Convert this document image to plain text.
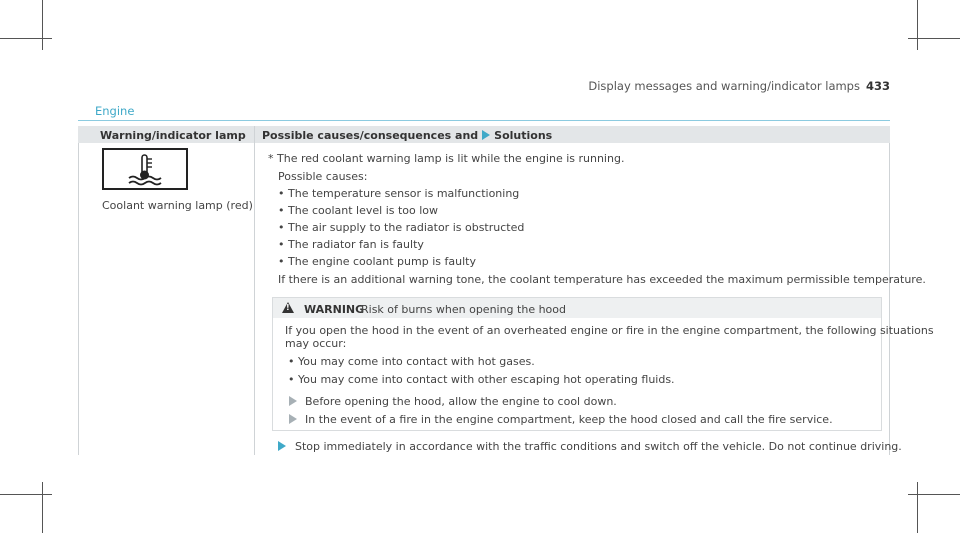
Display messages and warning/indicator lamps 433
Engine
Warning/indicator lamp Possible causes/consequences and Solutions
Coolant warning lamp (red)
* The red coolant warning lamp is lit while the engine is running.
Possible causes:
• The temperature sensor is malfunctioning
• The coolant level is too low
• The air supply to the radiator is obstructed
• The radiator fan is faulty
• The engine coolant pump is faulty
If there is an additional warning tone, the coolant temperature has exceeded the maximum permissible temperature.
!
WARNING
Risk of burns when opening the hood
If you open the hood in the event of an overheated engine or fire in the engine compartment, the following situations
may occur:
• You may come into contact with hot gases.
• You may come into contact with other escaping hot operating fluids.
Before opening the hood, allow the engine to cool down.
In the event of a fire in the engine compartment, keep the hood closed and call the fire service.
Stop immediately in accordance with the traffic conditions and switch off the vehicle. Do not continue driving.
